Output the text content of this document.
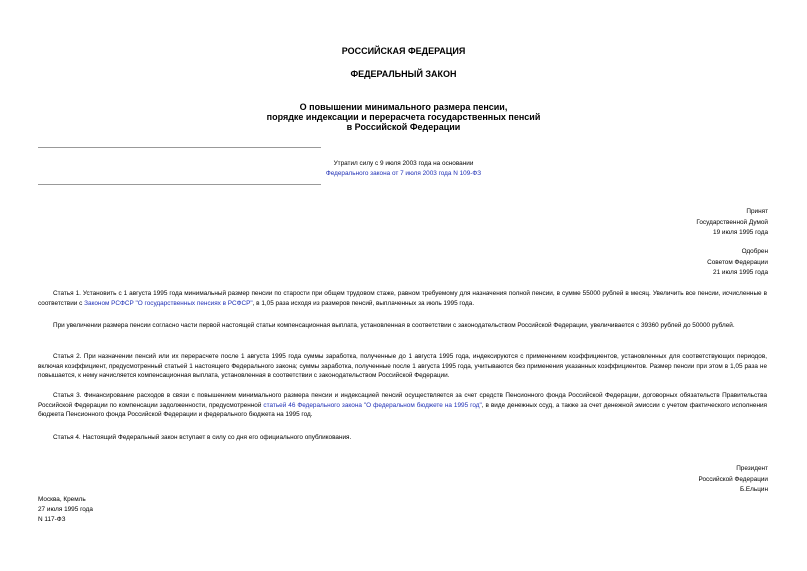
РОССИЙСКАЯ ФЕДЕРАЦИЯ
ФЕДЕРАЛЬНЫЙ ЗАКОН
О повышении минимального размера пенсии,
порядке индексации и перерасчета государственных пенсий
в Российской Федерации
Утратил силу с 9 июля 2003 года на основании
Федерального закона от 7 июля 2003 года N 109-ФЗ
Принят
Государственной Думой
19 июля 1995 года
Одобрен
Советом Федерации
21 июля 1995 года
Статья 1. Установить с 1 августа 1995 года минимальный размер пенсии по старости при общем трудовом стаже, равном требуемому для назначения полной пенсии, в сумме 55000 рублей в месяц. Увеличить все пенсии, исчисленные в соответствии с Законом РСФСР "О государственных пенсиях в РСФСР", в 1,05 раза исходя из размеров пенсий, выплаченных за июль 1995 года.
При увеличении размера пенсии согласно части первой настоящей статьи компенсационная выплата, установленная в соответствии с законодательством Российской Федерации, увеличивается с 39360 рублей до 50000 рублей.
Статья 2. При назначении пенсий или их перерасчете после 1 августа 1995 года суммы заработка, полученные до 1 августа 1995 года, индексируются с применением коэффициентов, установленных для соответствующих периодов, включая коэффициент, предусмотренный статьей 1 настоящего Федерального закона; суммы заработка, полученные после 1 августа 1995 года, учитываются без применения указанных коэффициентов. Размер пенсии при этом в 1,05 раза не повышается, к нему начисляется компенсационная выплата, установленная в соответствии с законодательством Российской Федерации.
Статья 3. Финансирование расходов в связи с повышением минимального размера пенсии и индексацией пенсий осуществляется за счет средств Пенсионного фонда Российской Федерации, договорных обязательств Правительства Российской Федерации по компенсации задолженности, предусмотренной статьей 46 Федерального закона "О федеральном бюджете на 1995 год", в виде денежных ссуд, а также за счет денежной эмиссии с учетом фактического исполнения бюджета Пенсионного фонда Российской Федерации и федерального бюджета на 1995 год.
Статья 4. Настоящий Федеральный закон вступает в силу со дня его официального опубликования.
Президент
Российской Федерации
Б.Ельцин
Москва, Кремль
27 июля 1995 года
N 117-ФЗ
